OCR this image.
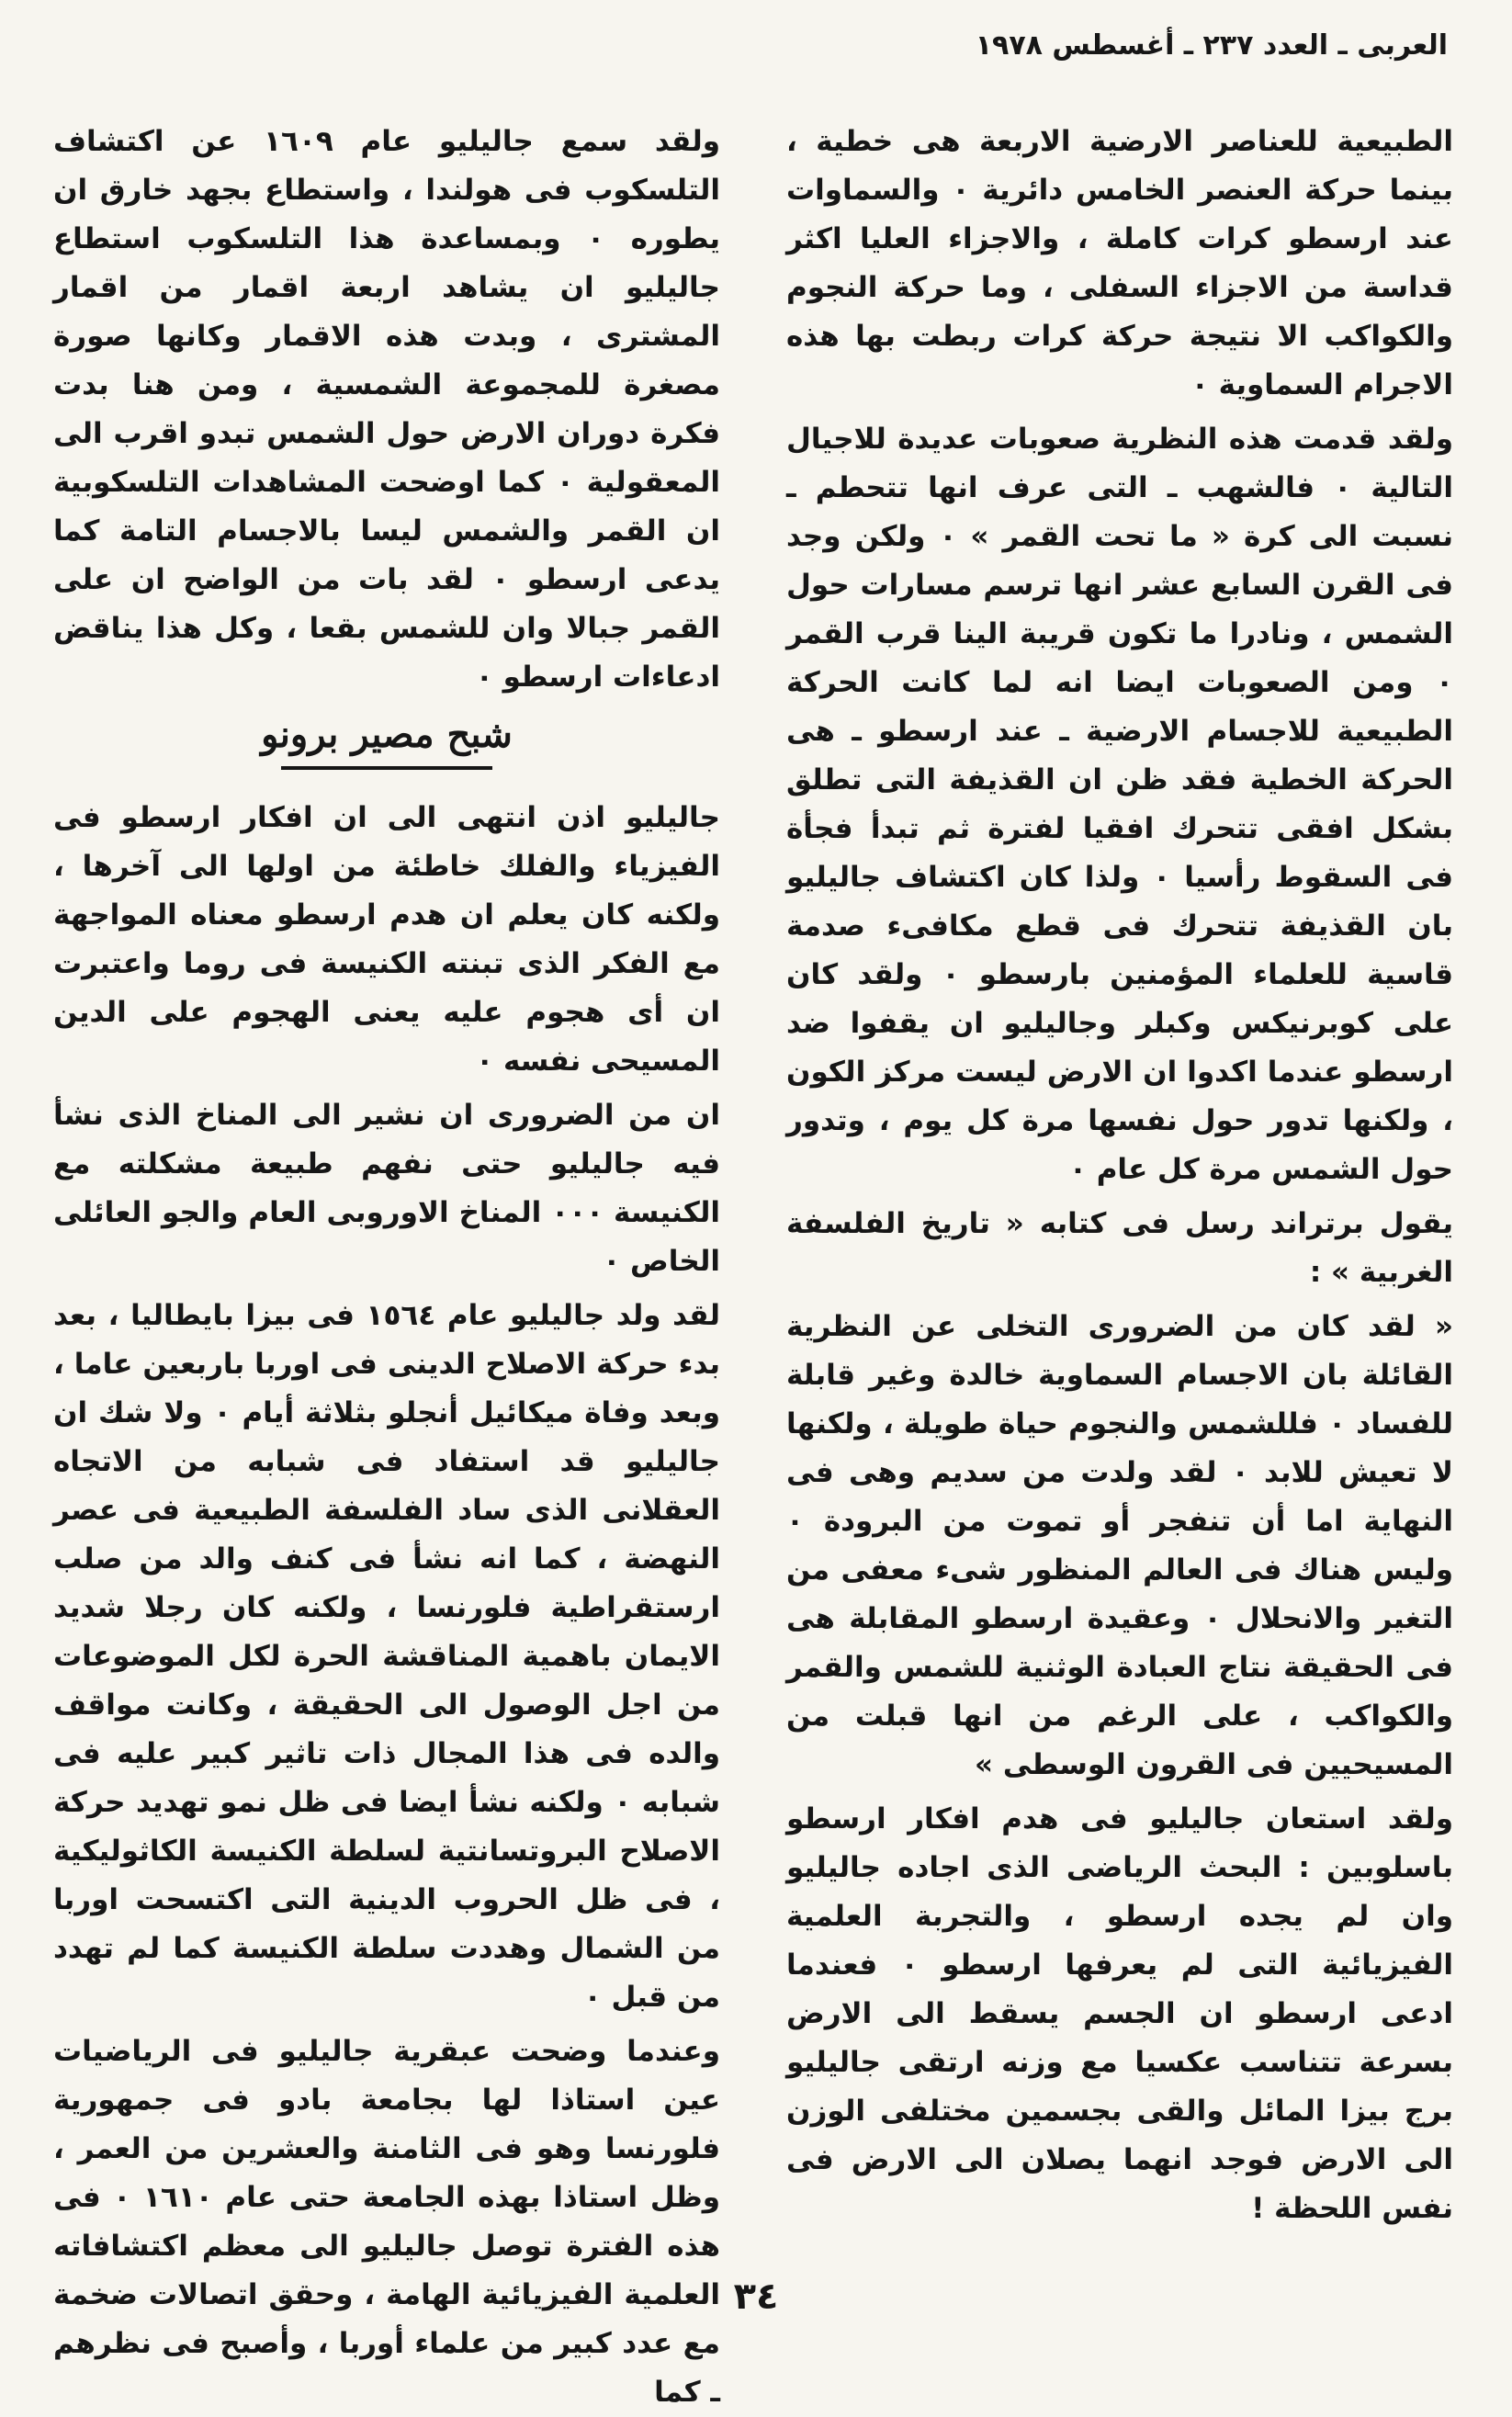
العربى ـ العدد ٢٣٧ ـ أغسطس ١٩٧٨

الطبيعية للعناصر الارضية الاربعة هى خطية ، بينما حركة العنصر الخامس دائرية ٠ والسماوات عند ارسطو كرات كاملة ، والاجزاء العليا اكثر قداسة من الاجزاء السفلى ، وما حركة النجوم والكواكب الا نتيجة حركة كرات ربطت بها هذه الاجرام السماوية ٠

ولقد قدمت هذه النظرية صعوبات عديدة للاجيال التالية ٠ فالشهب ـ التى عرف انها تتحطم ـ نسبت الى كرة « ما تحت القمر » ٠ ولكن وجد فى القرن السابع عشر انها ترسم مسارات حول الشمس ، ونادرا ما تكون قريبة الينا قرب القمر ٠ ومن الصعوبات ايضا انه لما كانت الحركة الطبيعية للاجسام الارضية ـ عند ارسطو ـ هى الحركة الخطية فقد ظن ان القذيفة التى تطلق بشكل افقى تتحرك افقيا لفترة ثم تبدأ فجأة فى السقوط رأسيا ٠ ولذا كان اكتشاف جاليليو بان القذيفة تتحرك فى قطع مكافىء صدمة قاسية للعلماء المؤمنين بارسطو ٠ ولقد كان على كوبرنيكس وكبلر وجاليليو ان يقفوا ضد ارسطو عندما اكدوا ان الارض ليست مركز الكون ، ولكنها تدور حول نفسها مرة كل يوم ، وتدور حول الشمس مرة كل عام ٠

يقول برتراند رسل فى كتابه « تاريخ الفلسفة الغربية » :

« لقد كان من الضرورى التخلى عن النظرية القائلة بان الاجسام السماوية خالدة وغير قابلة للفساد ٠ فللشمس والنجوم حياة طويلة ، ولكنها لا تعيش للابد ٠ لقد ولدت من سديم وهى فى النهاية اما أن تنفجر أو تموت من البرودة ٠ وليس هناك فى العالم المنظور شىء معفى من التغير والانحلال ٠ وعقيدة ارسطو المقابلة هى فى الحقيقة نتاج العبادة الوثنية للشمس والقمر والكواكب ، على الرغم من انها قبلت من المسيحيين فى القرون الوسطى »

ولقد استعان جاليليو فى هدم افكار ارسطو باسلوبين : البحث الرياضى الذى اجاده جاليليو وان لم يجده ارسطو ، والتجربة العلمية الفيزيائية التى لم يعرفها ارسطو ٠ فعندما ادعى ارسطو ان الجسم يسقط الى الارض بسرعة تتناسب عكسيا مع وزنه ارتقى جاليليو برج بيزا المائل والقى بجسمين مختلفى الوزن الى الارض فوجد انهما يصلان الى الارض فى نفس اللحظة !

ولقد سمع جاليليو عام ١٦٠٩ عن اكتشاف التلسكوب فى هولندا ، واستطاع بجهد خارق ان يطوره ٠ وبمساعدة هذا التلسكوب استطاع جاليليو ان يشاهد اربعة اقمار من اقمار المشترى ، وبدت هذه الاقمار وكانها صورة مصغرة للمجموعة الشمسية ، ومن هنا بدت فكرة دوران الارض حول الشمس تبدو اقرب الى المعقولية ٠ كما اوضحت المشاهدات التلسكوبية ان القمر والشمس ليسا بالاجسام التامة كما يدعى ارسطو ٠ لقد بات من الواضح ان على القمر جبالا وان للشمس بقعا ، وكل هذا يناقض ادعاءات ارسطو ٠

شبح مصير برونو

جاليليو اذن انتهى الى ان افكار ارسطو فى الفيزياء والفلك خاطئة من اولها الى آخرها ، ولكنه كان يعلم ان هدم ارسطو معناه المواجهة مع الفكر الذى تبنته الكنيسة فى روما واعتبرت ان أى هجوم عليه يعنى الهجوم على الدين المسيحى نفسه ٠

ان من الضرورى ان نشير الى المناخ الذى نشأ فيه جاليليو حتى نفهم طبيعة مشكلته مع الكنيسة ٠٠٠ المناخ الاوروبى العام والجو العائلى الخاص ٠

لقد ولد جاليليو عام ١٥٦٤ فى بيزا بايطاليا ، بعد بدء حركة الاصلاح الدينى فى اوربا باربعين عاما ، وبعد وفاة ميكائيل أنجلو بثلاثة أيام ٠ ولا شك ان جاليليو قد استفاد فى شبابه من الاتجاه العقلانى الذى ساد الفلسفة الطبيعية فى عصر النهضة ، كما انه نشأ فى كنف والد من صلب ارستقراطية فلورنسا ، ولكنه كان رجلا شديد الايمان باهمية المناقشة الحرة لكل الموضوعات من اجل الوصول الى الحقيقة ، وكانت مواقف والده فى هذا المجال ذات تاثير كبير عليه فى شبابه ٠ ولكنه نشأ ايضا فى ظل نمو تهديد حركة الاصلاح البروتسانتية لسلطة الكنيسة الكاثوليكية ، فى ظل الحروب الدينية التى اكتسحت اوربا من الشمال وهددت سلطة الكنيسة كما لم تهدد من قبل ٠

وعندما وضحت عبقرية جاليليو فى الرياضيات عين استاذا لها بجامعة بادو فى جمهورية فلورنسا وهو فى الثامنة والعشرين من العمر ، وظل استاذا بهذه الجامعة حتى عام ١٦١٠ ٠ فى هذه الفترة توصل جاليليو الى معظم اكتشافاته العلمية الفيزيائية الهامة ، وحقق اتصالات ضخمة مع عدد كبير من علماء أوربا ، وأصبح فى نظرهم ـ كما

٣٤
